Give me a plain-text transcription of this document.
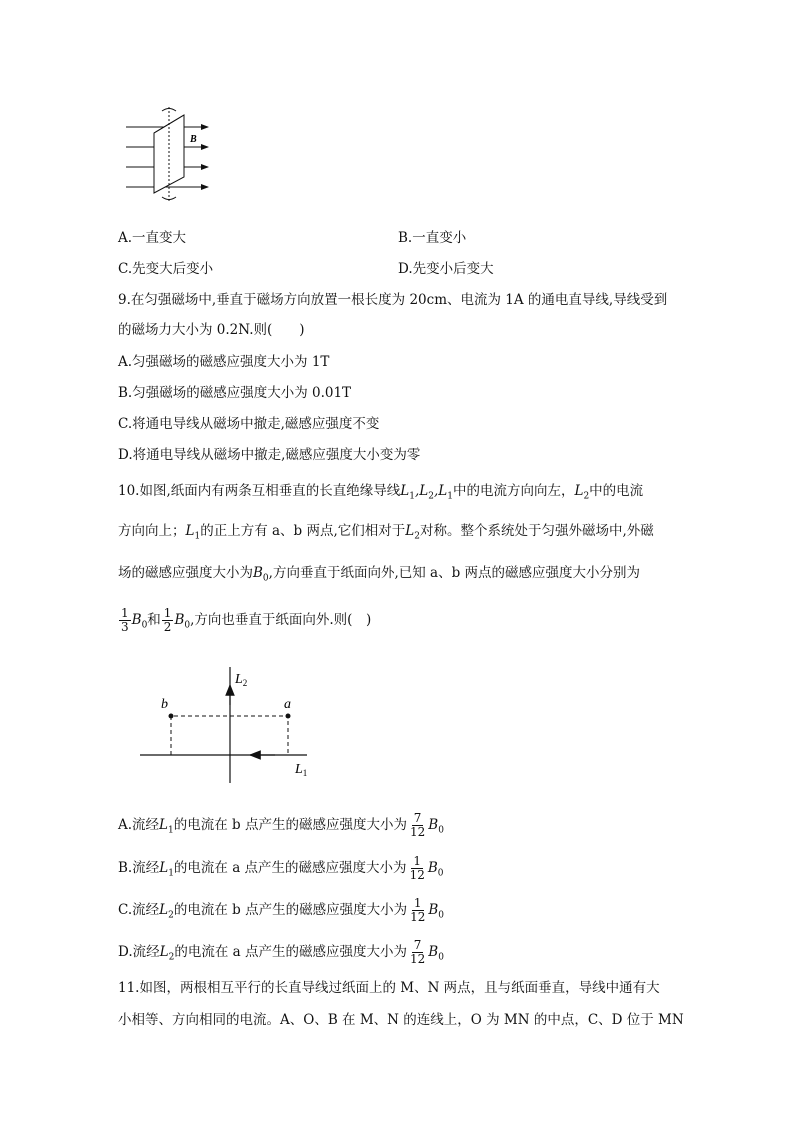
B
A.一直变大	B.一直变小
C.先变大后变小	D.先变小后变大
9.在匀强磁场中,垂直于磁场方向放置一根长度为 20cm、电流为 1A 的通电直导线,导线受到
的磁场力大小为 0.2N.则(　　)
A.匀强磁场的磁感应强度大小为 1T
B.匀强磁场的磁感应强度大小为 0.01T
C.将通电导线从磁场中撤走,磁感应强度不变
D.将通电导线从磁场中撤走,磁感应强度大小变为零
10.如图,纸面内有两条互相垂直的长直绝缘导线$L_1,L_2,L_1$中的电流方向向左，$L_2$中的电流
方向向上；$L_1$的正上方有 a、b 两点,它们相对于$L_2$对称。整个系统处于匀强外磁场中,外磁
场的磁感应强度大小为$B_0$,方向垂直于纸面向外,已知 a、b 两点的磁感应强度大小分别为
$\frac{1}{3} B_0$和 $\frac{1}{2} B_0$,方向也垂直于纸面向外.则(　)
b	a
$L_2$
$L_1$
A.流经$L_1$的电流在 b 点产生的磁感应强度大小为 $\frac{7}{12} B_0$
B.流经$L_1$的电流在 a 点产生的磁感应强度大小为 $\frac{1}{12} B_0$
C.流经$L_2$的电流在 b 点产生的磁感应强度大小为 $\frac{1}{12} B_0$
D.流经$L_2$的电流在 a 点产生的磁感应强度大小为 $\frac{7}{12} B_0$
11.如图，两根相互平行的长直导线过纸面上的 M、N 两点，且与纸面垂直，导线中通有大
小相等、方向相同的电流。A、O、B 在 M、N 的连线上，O 为 MN 的中点，C、D 位于 MN
